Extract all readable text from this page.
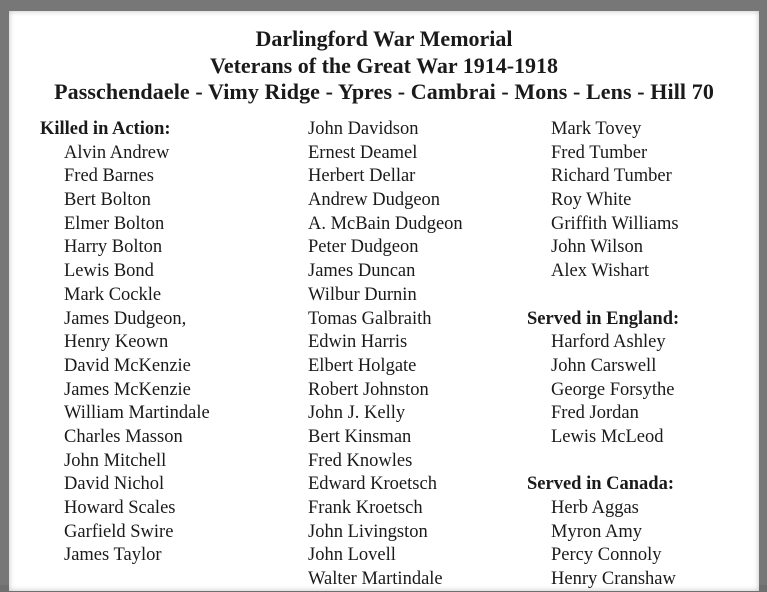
Darlingford War Memorial
Veterans of the Great War 1914-1918
Passchendaele - Vimy Ridge - Ypres - Cambrai - Mons - Lens - Hill 70
Killed in Action:
Alvin Andrew
Fred Barnes
Bert Bolton
Elmer Bolton
Harry Bolton
Lewis Bond
Mark Cockle
James Dudgeon,
Henry Keown
David McKenzie
James McKenzie
William Martindale
Charles Masson
John Mitchell
David Nichol
Howard Scales
Garfield Swire
James Taylor
John Davidson
Ernest Deamel
Herbert Dellar
Andrew Dudgeon
A. McBain Dudgeon
Peter Dudgeon
James Duncan
Wilbur Durnin
Tomas Galbraith
Edwin Harris
Elbert Holgate
Robert Johnston
John J. Kelly
Bert Kinsman
Fred Knowles
Edward Kroetsch
Frank Kroetsch
John Livingston
John Lovell
Walter Martindale
Mark Tovey
Fred Tumber
Richard Tumber
Roy White
Griffith Williams
John Wilson
Alex Wishart
Served in England:
Harford Ashley
John Carswell
George Forsythe
Fred Jordan
Lewis McLeod
Served in Canada:
Herb Aggas
Myron Amy
Percy Connoly
Henry Cranshaw
